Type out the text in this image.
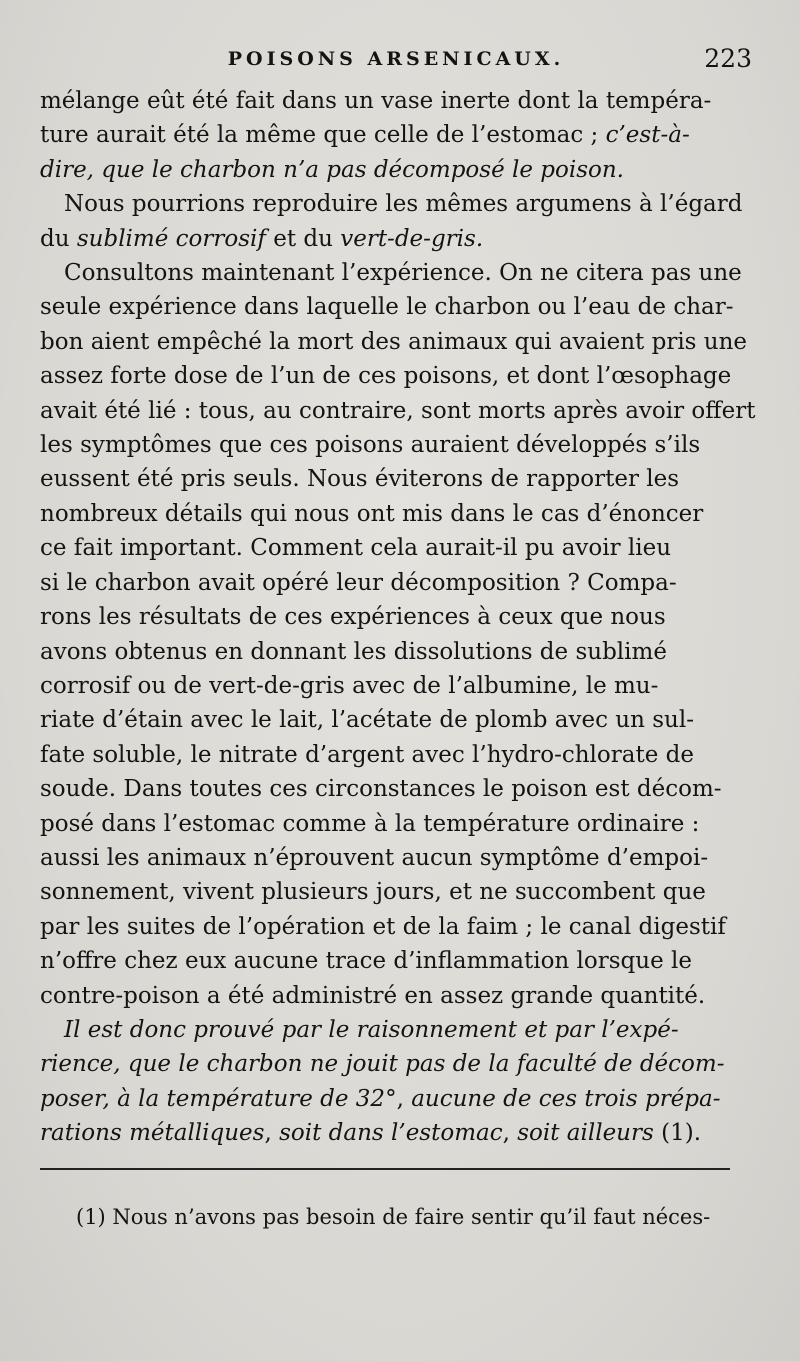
POISONS ARSENICAUX.	223
mélange eût été fait dans un vase inerte dont la tempéra-
ture aurait été la même que celle de l’estomac ; c’est-à-
dire, que le charbon n’a pas décomposé le poison.
Nous pourrions reproduire les mêmes argumens à l’égard
du sublimé corrosif et du vert-de-gris.
Consultons maintenant l’expérience. On ne citera pas une
seule expérience dans laquelle le charbon ou l’eau de char-
bon aient empêché la mort des animaux qui avaient pris une
assez forte dose de l’un de ces poisons, et dont l’œsophage
avait été lié : tous, au contraire, sont morts après avoir offert
les symptômes que ces poisons auraient développés s’ils
eussent été pris seuls. Nous éviterons de rapporter les
nombreux détails qui nous ont mis dans le cas d’énoncer
ce fait important. Comment cela aurait-il pu avoir lieu
si le charbon avait opéré leur décomposition ? Compa-
rons les résultats de ces expériences à ceux que nous
avons obtenus en donnant les dissolutions de sublimé
corrosif ou de vert-de-gris avec de l’albumine, le mu-
riate d’étain avec le lait, l’acétate de plomb avec un sul-
fate soluble, le nitrate d’argent avec l’hydro-chlorate de
soude. Dans toutes ces circonstances le poison est décom-
posé dans l’estomac comme à la température ordinaire :
aussi les animaux n’éprouvent aucun symptôme d’empoi-
sonnement, vivent plusieurs jours, et ne succombent que
par les suites de l’opération et de la faim ; le canal digestif
n’offre chez eux aucune trace d’inflammation lorsque le
contre-poison a été administré en assez grande quantité.
Il est donc prouvé par le raisonnement et par l’expé-
rience, que le charbon ne jouit pas de la faculté de décom-
poser, à la température de 32°, aucune de ces trois prépa-
rations métalliques, soit dans l’estomac, soit ailleurs (1).
(1) Nous n’avons pas besoin de faire sentir qu’il faut néces-
